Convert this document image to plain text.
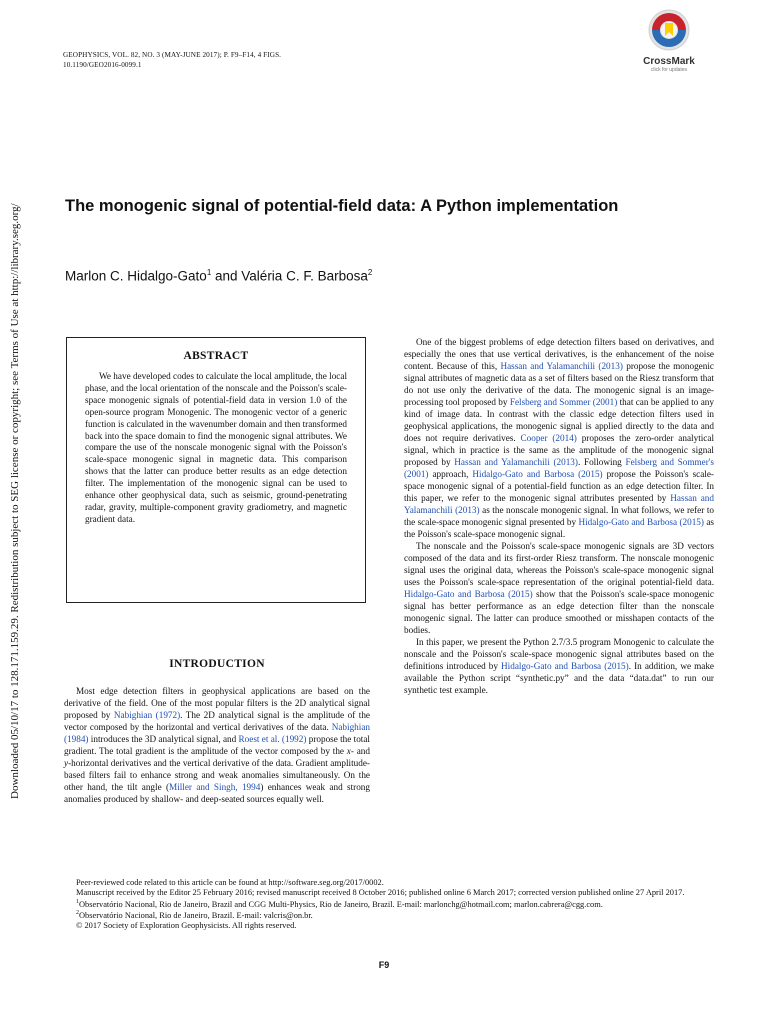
GEOPHYSICS, VOL. 82, NO. 3 (MAY-JUNE 2017); P. F9–F14, 4 FIGS.
10.1190/GEO2016-0099.1	CrossMark
click for updates
Downloaded 05/10/17 to 128.171.159.29. Redistribution subject to SEG license or copyright; see Terms of Use at http://library.seg.org/	The monogenic signal of potential-field data: A Python implementation
Marlon C. Hidalgo-Gato$^1$ and Valéria C. F. Barbosa$^2$
ABSTRACT
We have developed codes to calculate the local amplitude, the local phase, and the local orientation of the nonscale and the Poisson's scale-space monogenic signals of potential-field data in version 1.0 of the open-source program Monogenic. The monogenic vector of a generic function is calculated in the wavenumber domain and then transformed back into the space domain to find the monogenic signal attributes. We compare the use of the nonscale monogenic signal with the Poisson's scale-space monogenic signal in magnetic data. This comparison shows that the latter can produce better results as an edge detection filter. The implementation of the monogenic signal can be used to enhance other geophysical data, such as seismic, ground-penetrating radar, gravity, multiple-component gravity gradiometry, and magnetic gradient data.
INTRODUCTION

Most edge detection filters in geophysical applications are based on the derivative of the field. One of the most popular filters is the 2D analytical signal proposed by Nabighian (1972). The 2D analytical signal is the amplitude of the vector composed by the horizontal and vertical derivatives of the data. Nabighian (1984) introduces the 3D analytical signal, and Roest et al. (1992) propose the total gradient. The total gradient is the amplitude of the vector composed by the x- and y-horizontal derivatives and the vertical derivative of the data. Gradient amplitude-based filters fail to enhance strong and weak anomalies simultaneously. On the other hand, the tilt angle (Miller and Singh, 1994) enhances weak and strong anomalies produced by shallow- and deep-seated sources equally well.

One of the biggest problems of edge detection filters based on derivatives, and especially the ones that use vertical derivatives, is the enhancement of the noise content. Because of this, Hassan and Yalamanchili (2013) propose the monogenic signal attributes of magnetic data as a set of filters based on the Riesz transform that do not use only the derivative of the data. The monogenic signal is an image-processing tool proposed by Felsberg and Sommer (2001) that can be applied to any kind of image data. In contrast with the classic edge detection filters used in geophysical applications, the monogenic signal is applied directly to the data and does not require derivatives. Cooper (2014) proposes the zero-order analytical signal, which in practice is the same as the amplitude of the monogenic signal proposed by Hassan and Yalamanchili (2013). Following Felsberg and Sommer's (2001) approach, Hidalgo-Gato and Barbosa (2015) propose the Poisson's scale-space monogenic signal of a potential-field function as an edge detection filter. In this paper, we refer to the monogenic signal attributes presented by Hassan and Yalamanchili (2013) as the nonscale monogenic signal. In what follows, we refer to the scale-space monogenic signal presented by Hidalgo-Gato and Barbosa (2015) as the Poisson's scale-space monogenic signal.

The nonscale and the Poisson's scale-space monogenic signals are 3D vectors composed of the data and its first-order Riesz transform. The nonscale monogenic signal uses the original data, whereas the Poisson's scale-space monogenic signal uses the Poisson's scale-space representation of the original potential-field data. Hidalgo-Gato and Barbosa (2015) show that the Poisson's scale-space monogenic signal has better performance as an edge detection filter than the nonscale monogenic signal. The latter can produce smoothed or misshapen contacts of the bodies.

In this paper, we present the Python 2.7/3.5 program Monogenic to calculate the nonscale and the Poisson's scale-space monogenic signal attributes based on the definitions introduced by Hidalgo-Gato and Barbosa (2015). In addition, we make available the Python script “synthetic.py” and the data “data.dat” to run our synthetic test example.

Peer-reviewed code related to this article can be found at http://software.seg.org/2017/0002.

Manuscript received by the Editor 25 February 2016; revised manuscript received 8 October 2016; published online 6 March 2017; corrected version published online 27 April 2017.

$^1$Observatório Nacional, Rio de Janeiro, Brazil and CGG Multi-Physics, Rio de Janeiro, Brazil. E-mail: marlonchg@hotmail.com; marlon.cabrera@cgg.com.

$^2$Observatório Nacional, Rio de Janeiro, Brazil. E-mail: valcris@on.br.

© 2017 Society of Exploration Geophysicists. All rights reserved.

F9
